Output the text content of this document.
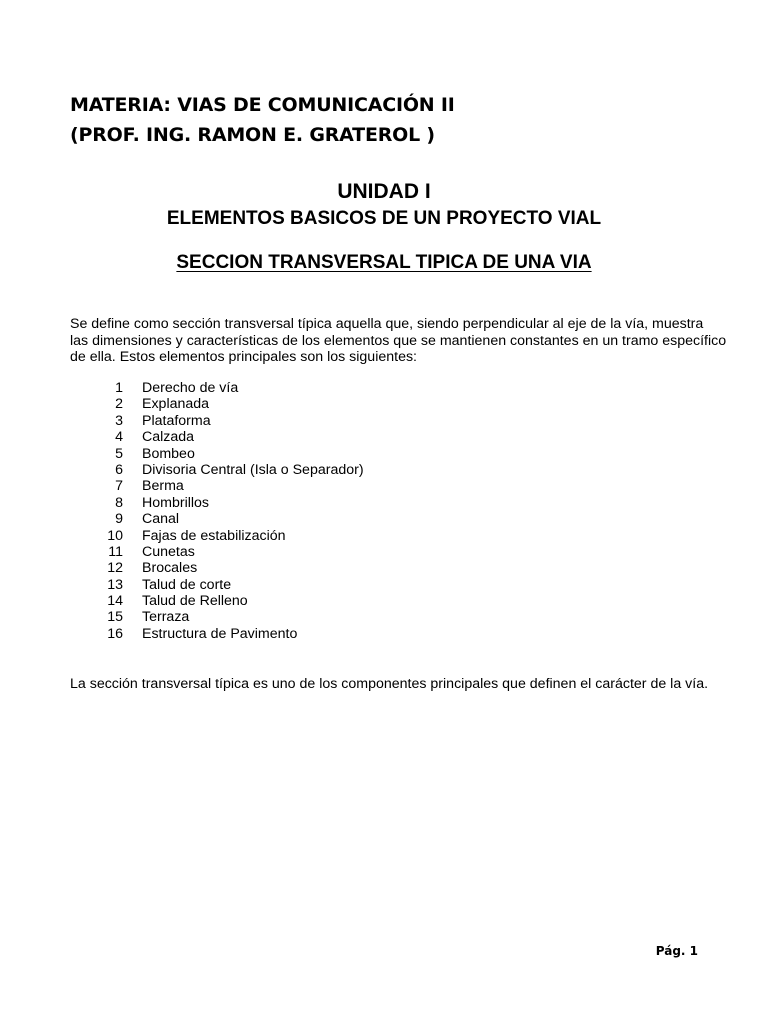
MATERIA: VIAS DE COMUNICACIÓN II
(PROF. ING. RAMON E. GRATEROL )
UNIDAD I
ELEMENTOS BASICOS DE UN PROYECTO VIAL
SECCION TRANSVERSAL TIPICA DE UNA VIA
Se define como sección transversal típica aquella que, siendo perpendicular al eje de la vía, muestra
las dimensiones y características de los elementos que se mantienen constantes en un tramo específico
de ella. Estos elementos principales son los siguientes:
1 Derecho de vía
2 Explanada
3 Plataforma
4 Calzada
5 Bombeo
6 Divisoria Central (Isla o Separador)
7 Berma
8 Hombrillos
9 Canal
10 Fajas de estabilización
11 Cunetas
12 Brocales
13 Talud de corte
14 Talud de Relleno
15 Terraza
16 Estructura de Pavimento
La sección transversal típica es uno de los componentes principales que definen el carácter de la vía.
Pág. 1
